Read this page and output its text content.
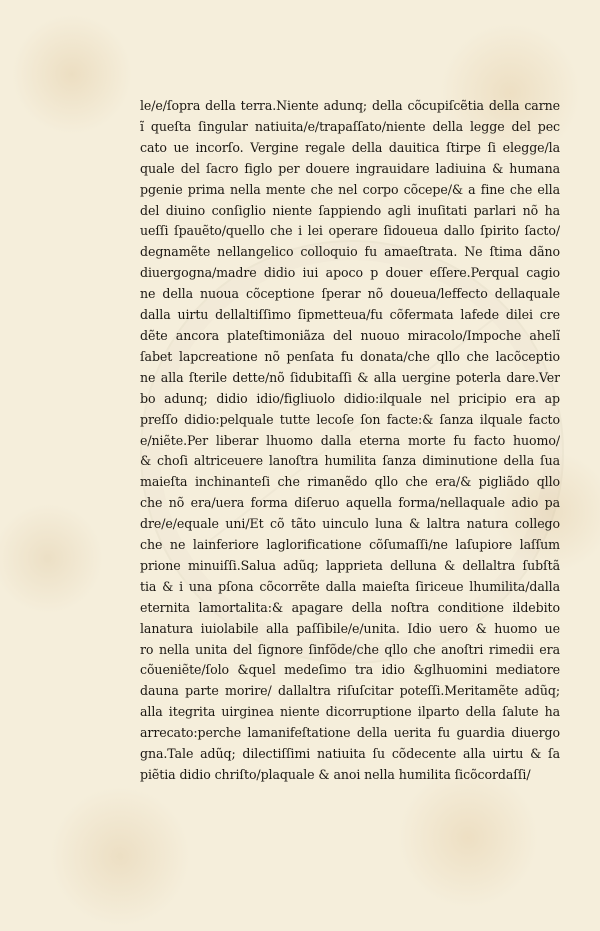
le/e/ſopra della terra.Niente adunq; della cõcupiſcẽtia della carne
ĩ queſta ſingular natiuita/e/trapaſſato/niente della legge del pec
cato ue incorſo. Vergine regale della dauitica ſtirpe ſi elegge/la
quale del ſacro figlo per douere ingrauidare ladiuina & humana
pgenie prima nella mente che nel corpo cõcepe/& a fine che ella
del diuino conſiglio niente ſappiendo agli inuſitati parlari nõ ha
ueſſi ſpauẽto/quello che i lei operare ſidoueua dallo ſpirito ſacto/
degnamẽte nellangelico colloquio fu amaeſtrata. Ne ſtima dãno
diuergogna/madre didio iui apoco p douer eſſere.Perqual cagio
ne della nuoua cõceptione ſperar nõ doueua/leffecto dellaquale
dalla uirtu dellaltiſſimo ſipmetteua/fu cõfermata lafede dilei cre
dẽte ancora plateſtimoniãza del nuouo miracolo/Impoche ahelĩ
ſabet lapcreatione nõ penſata fu donata/che qllo che lacõceptio
ne alla ſterile dette/nõ ſidubitaſſi & alla uergine poterla dare.Ver
bo adunq; didio idio/figliuolo didio:ilquale nel pricipio era ap
preſſo didio:pelquale tutte lecoſe ſon facte:& ſanza ilquale facto
e/niẽte.Per liberar lhuomo dalla eterna morte fu facto huomo/
& choſi altriceuere lanoſtra humilita ſanza diminutione della ſua
maieſta inchinanteſi che rimanẽdo qllo che era/& pigliãdo qllo
che nõ era/uera forma diſeruo aquella forma/nellaquale adio pa
dre/e/equale uni/Et cõ tãto uinculo luna & laltra natura collego
che ne lainferiore laglorificatione cõſumaſſi/ne laſupiore laſſum
prione minuiſſi.Salua adũq; lapprieta delluna & dellaltra ſubſtã
tia & i una pſona cõcorrẽte dalla maieſta ſiriceue lhumilita/dalla
eternita lamortalita:& apagare della noſtra conditione ildebito
lanatura iuiolabile alla paſſibile/e/unita. Idio uero & huomo ue
ro nella unita del ſignore ſinfõde/che qllo che anoſtri rimedii era
cõueniẽte/ſolo &quel medeſimo tra idio &glhuomini mediatore
dauna parte morire/ dallaltra riſuſcitar poteſſi.Meritamẽte adũq;
alla itegrita uirginea niente dicorruptione ilparto della ſalute ha
arrecato:perche lamanifeſtatione della uerita fu guardia diuergo
gna.Tale adũq; dilectiſſimi natiuita ſu cõdecente alla uirtu & ſa
piẽtia didio chriſto/plaquale & anoi nella humilita ſicõcordaſſi/
